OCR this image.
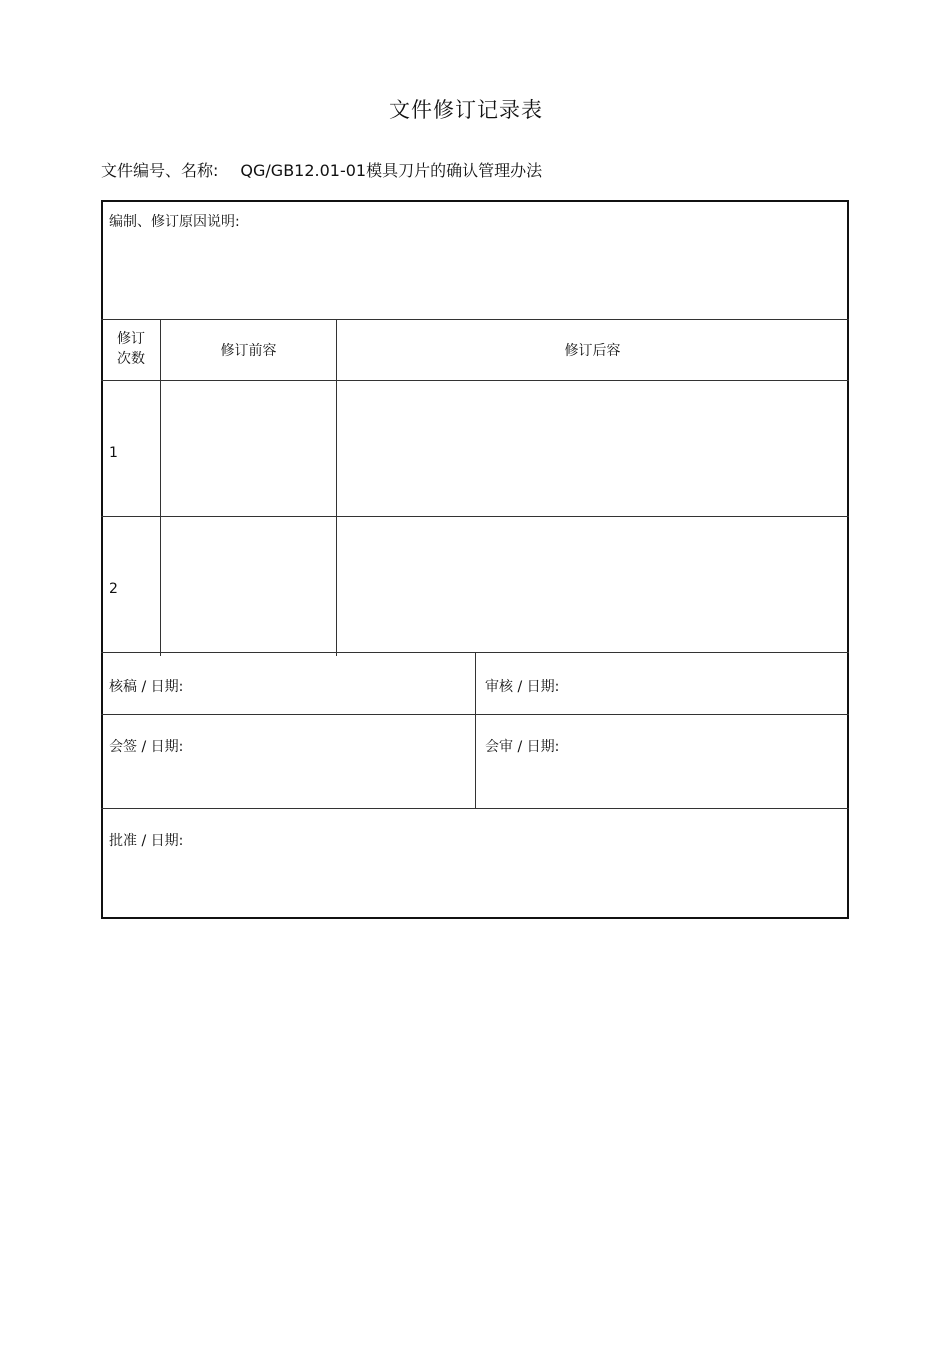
文件修订记录表
文件编号、名称: QG/GB12.01-01模具刀片的确认管理办法
编制、修订原因说明:
修订
次数	修订前容	修订后容
1
2
核稿 / 日期:	审核 / 日期:
会签 / 日期:	会审 / 日期:
批准 / 日期:
